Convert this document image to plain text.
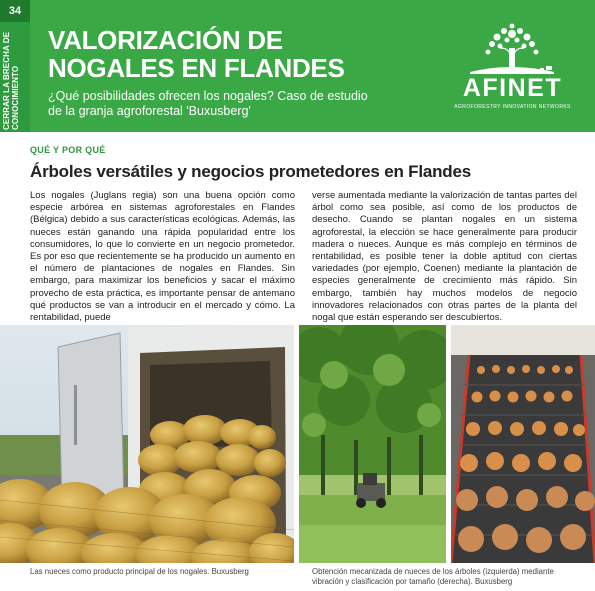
34
CERRAR LA BRECHA DE CONOCIMIENTO
VALORIZACIÓN DE NOGALES EN FLANDES
¿Qué posibilidades ofrecen los nogales? Caso de estudio de la granja agroforestal 'Buxusberg'
AFINET
AGROFORESTRY INNOVATION NETWORKS
QUÉ Y POR QUÉ
Árboles versátiles y negocios prometedores en Flandes
Los nogales (Juglans regia) son una buena opción como especie arbórea en sistemas agroforestales en Flandes (Bélgica) debido a sus características ecológicas. Además, las nueces están ganando una rápida popularidad entre los consumidores, lo que lo convierte en un negocio prometedor. Es por eso que recientemente se ha producido un aumento en el número de plantaciones de nogales en Flandes. Sin embargo, para maximizar los beneficios y sacar el máximo provecho de esta práctica, es importante pensar de antemano qué productos se van a introducir en el mercado y cómo. La rentabilidad, puede
verse aumentada mediante la valorización de tantas partes del árbol como sea posible, así como de los productos de desecho. Cuando se plantan nogales en un sistema agroforestal, la elección se hace generalmente para producir madera o nueces. Aunque es más complejo en términos de rentabilidad, es posible tener la doble aptitud con ciertas variedades (por ejemplo, Coenen) mediante la plantación de especies generalmente de crecimiento más rápido. Sin embargo, también hay muchos modelos de negocio innovadores relacionados con otras partes de la planta del nogal que están esperando ser descubiertos.
Las nueces como producto principal de los nogales. Buxusberg	Obtención mecanizada de nueces de los árboles (izquierda) mediante vibración y clasificación por tamaño (derecha). Buxusberg
